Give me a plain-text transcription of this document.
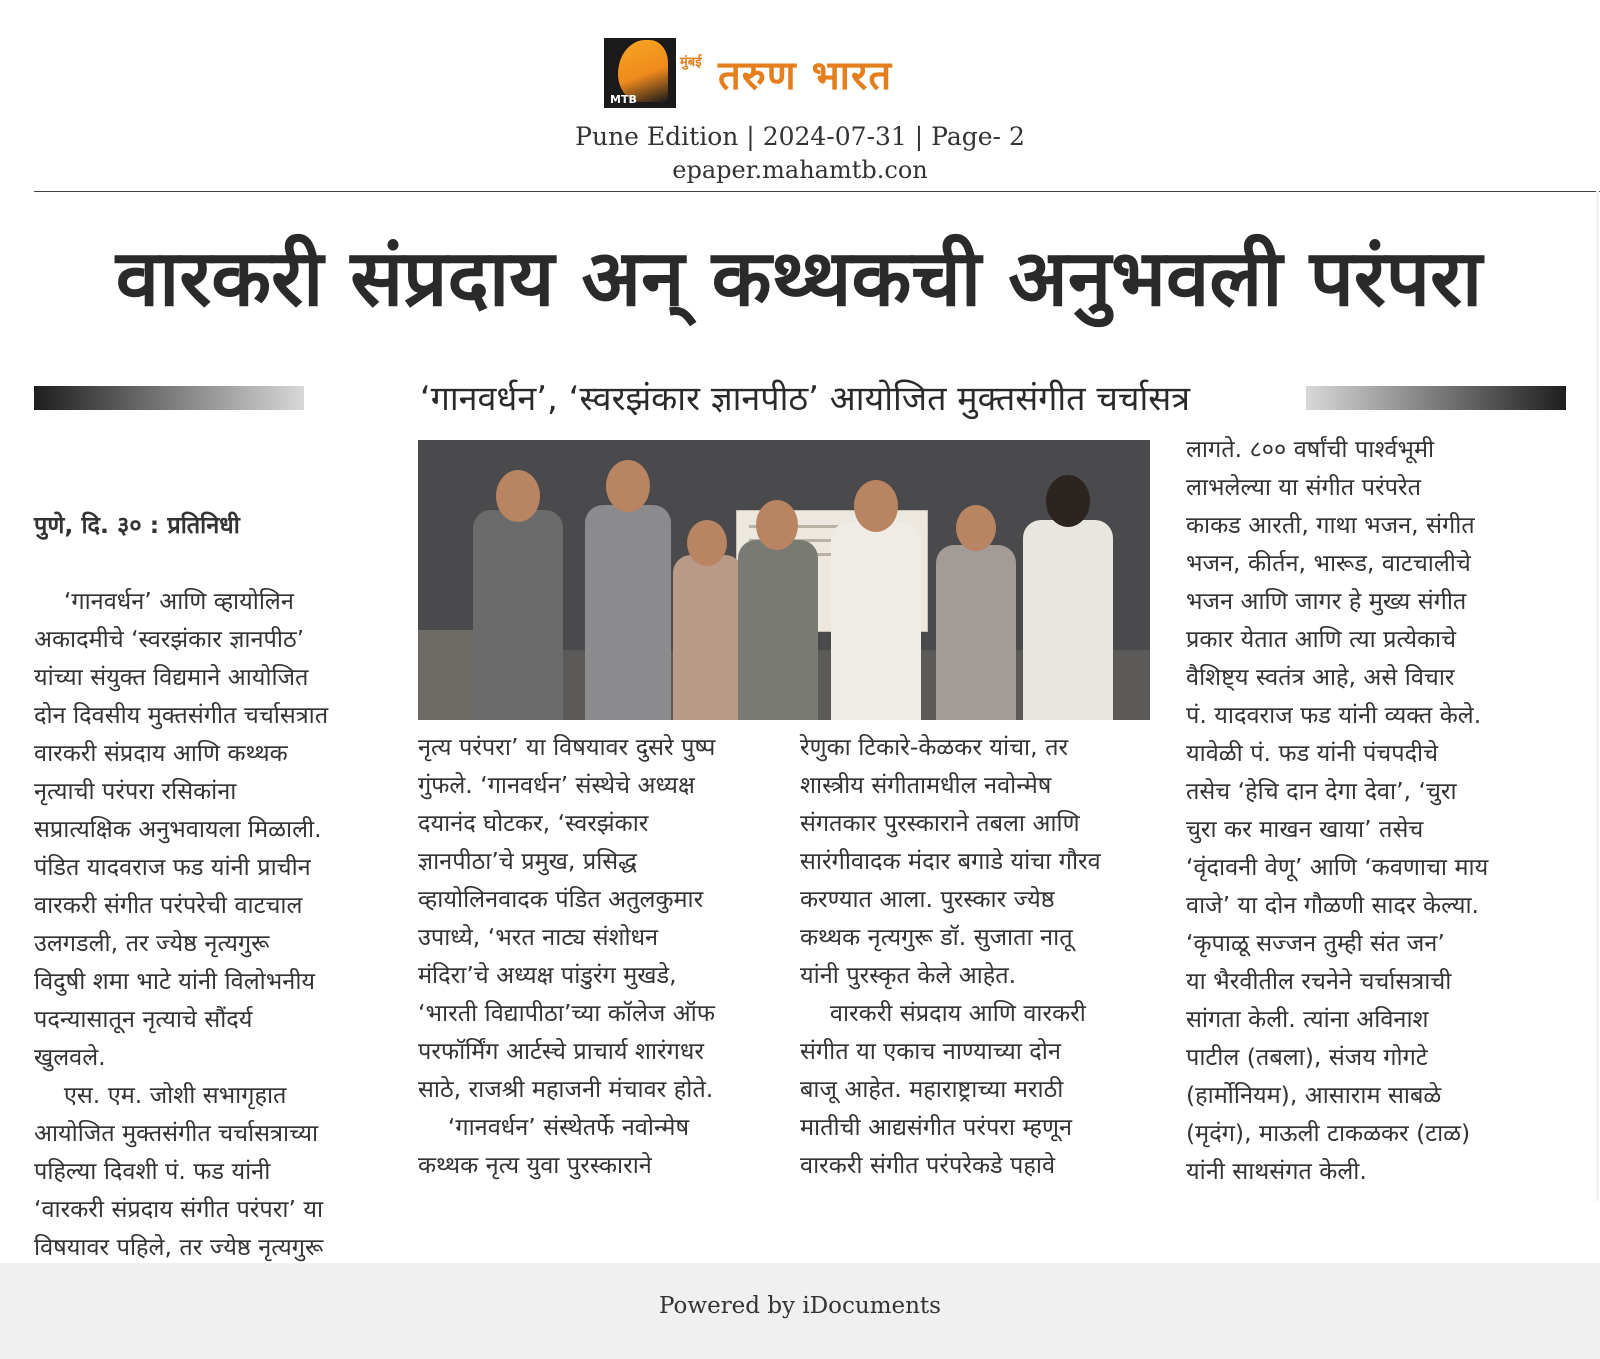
MTB
मुंबई तरुण भारत
Pune Edition | 2024-07-31 | Page- 2
epaper.mahamtb.con
वारकरी संप्रदाय अन् कथ्थकची अनुभवली परंपरा
‘गानवर्धन’, ‘स्वरझंकार ज्ञानपीठ’ आयोजित मुक्तसंगीत चर्चासत्र

पुणे, दि. ३० : प्रतिनिधी

‘गानवर्धन’ आणि व्हायोलिन
अकादमीचे ‘स्वरझंकार ज्ञानपीठ’
यांच्या संयुक्त विद्यमाने आयोजित
दोन दिवसीय मुक्तसंगीत चर्चासत्रात
वारकरी संप्रदाय आणि कथ्थक
नृत्याची परंपरा रसिकांना
सप्रात्यक्षिक अनुभवायला मिळाली.
पंडित यादवराज फड यांनी प्राचीन
वारकरी संगीत परंपरेची वाटचाल
उलगडली, तर ज्येष्ठ नृत्यगुरू
विदुषी शमा भाटे यांनी विलोभनीय
पदन्यासातून नृत्याचे सौंदर्य
खुलवले.
एस. एम. जोशी सभागृहात
आयोजित मुक्तसंगीत चर्चासत्राच्या
पहिल्या दिवशी पं. फड यांनी
‘वारकरी संप्रदाय संगीत परंपरा’ या
विषयावर पहिले, तर ज्येष्ठ नृत्यगुरू
नृत्य परंपरा’ या विषयावर दुसरे पुष्प
गुंफले. ‘गानवर्धन’ संस्थेचे अध्यक्ष
दयानंद घोटकर, ‘स्वरझंकार
ज्ञानपीठा’चे प्रमुख, प्रसिद्ध
व्हायोलिनवादक पंडित अतुलकुमार
उपाध्ये, ‘भरत नाट्य संशोधन
मंदिरा’चे अध्यक्ष पांडुरंग मुखडे,
‘भारती विद्यापीठा’च्या कॉलेज ऑफ
परफॉर्मिंग आर्टस्चे प्राचार्य शारंगधर
साठे, राजश्री महाजनी मंचावर होते.
‘गानवर्धन’ संस्थेतर्फे नवोन्मेष
कथ्थक नृत्य युवा पुरस्काराने
रेणुका टिकारे-केळकर यांचा, तर
शास्त्रीय संगीतामधील नवोन्मेष
संगतकार पुरस्काराने तबला आणि
सारंगीवादक मंदार बगाडे यांचा गौरव
करण्यात आला. पुरस्कार ज्येष्ठ
कथ्थक नृत्यगुरू डॉ. सुजाता नातू
यांनी पुरस्कृत केले आहेत.
वारकरी संप्रदाय आणि वारकरी
संगीत या एकाच नाण्याच्या दोन
बाजू आहेत. महाराष्ट्राच्या मराठी
मातीची आद्यसंगीत परंपरा म्हणून
वारकरी संगीत परंपरेकडे पहावे
लागते. ८०० वर्षांची पार्श्वभूमी
लाभलेल्या या संगीत परंपरेत
काकड आरती, गाथा भजन, संगीत
भजन, कीर्तन, भारूड, वाटचालीचे
भजन आणि जागर हे मुख्य संगीत
प्रकार येतात आणि त्या प्रत्येकाचे
वैशिष्ट्य स्वतंत्र आहे, असे विचार
पं. यादवराज फड यांनी व्यक्त केले.
यावेळी पं. फड यांनी पंचपदीचे
तसेच ‘हेचि दान देगा देवा’, ‘चुरा
चुरा कर माखन खाया’ तसेच
‘वृंदावनी वेणू’ आणि ‘कवणाचा माय
वाजे’ या दोन गौळणी सादर केल्या.
‘कृपाळू सज्जन तुम्ही संत जन’
या भैरवीतील रचनेने चर्चासत्राची
सांगता केली. त्यांना अविनाश
पाटील (तबला), संजय गोगटे
(हार्मोनियम), आसाराम साबळे
(मृदंग), माऊली टाकळकर (टाळ)
यांनी साथसंगत केली.
Powered by iDocuments
